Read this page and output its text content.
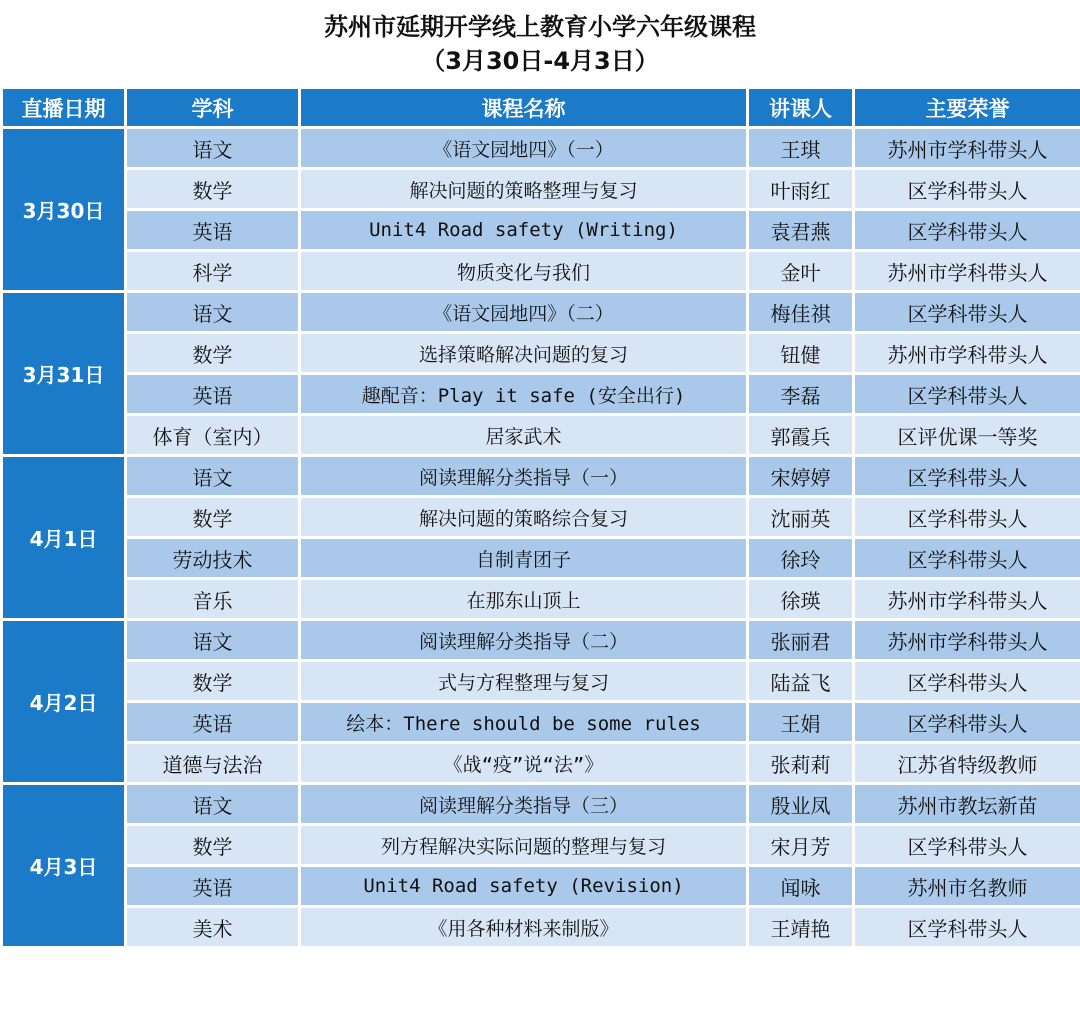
苏州市延期开学线上教育小学六年级课程
（3月30日-4月3日）
直播日期	学科	课程名称	讲课人	主要荣誉
3月30日	语文	《语文园地四》（一）	王琪	苏州市学科带头人
	数学	解决问题的策略整理与复习	叶雨红	区学科带头人
	英语	Unit4 Road safety (Writing)	袁君燕	区学科带头人
	科学	物质变化与我们	金叶	苏州市学科带头人
3月31日	语文	《语文园地四》（二）	梅佳祺	区学科带头人
	数学	选择策略解决问题的复习	钮健	苏州市学科带头人
	英语	趣配音：Play it safe (安全出行)	李磊	区学科带头人
	体育（室内）	居家武术	郭霞兵	区评优课一等奖
4月1日	语文	阅读理解分类指导（一）	宋婷婷	区学科带头人
	数学	解决问题的策略综合复习	沈丽英	区学科带头人
	劳动技术	自制青团子	徐玲	区学科带头人
	音乐	在那东山顶上	徐瑛	苏州市学科带头人
4月2日	语文	阅读理解分类指导（二）	张丽君	苏州市学科带头人
	数学	式与方程整理与复习	陆益飞	区学科带头人
	英语	绘本：There should be some rules	王娟	区学科带头人
	道德与法治	《战“疫”说“法”》	张莉莉	江苏省特级教师
4月3日	语文	阅读理解分类指导（三）	殷业凤	苏州市教坛新苗
	数学	列方程解决实际问题的整理与复习	宋月芳	区学科带头人
	英语	Unit4 Road safety (Revision)	闻咏	苏州市名教师
	美术	《用各种材料来制版》	王靖艳	区学科带头人
